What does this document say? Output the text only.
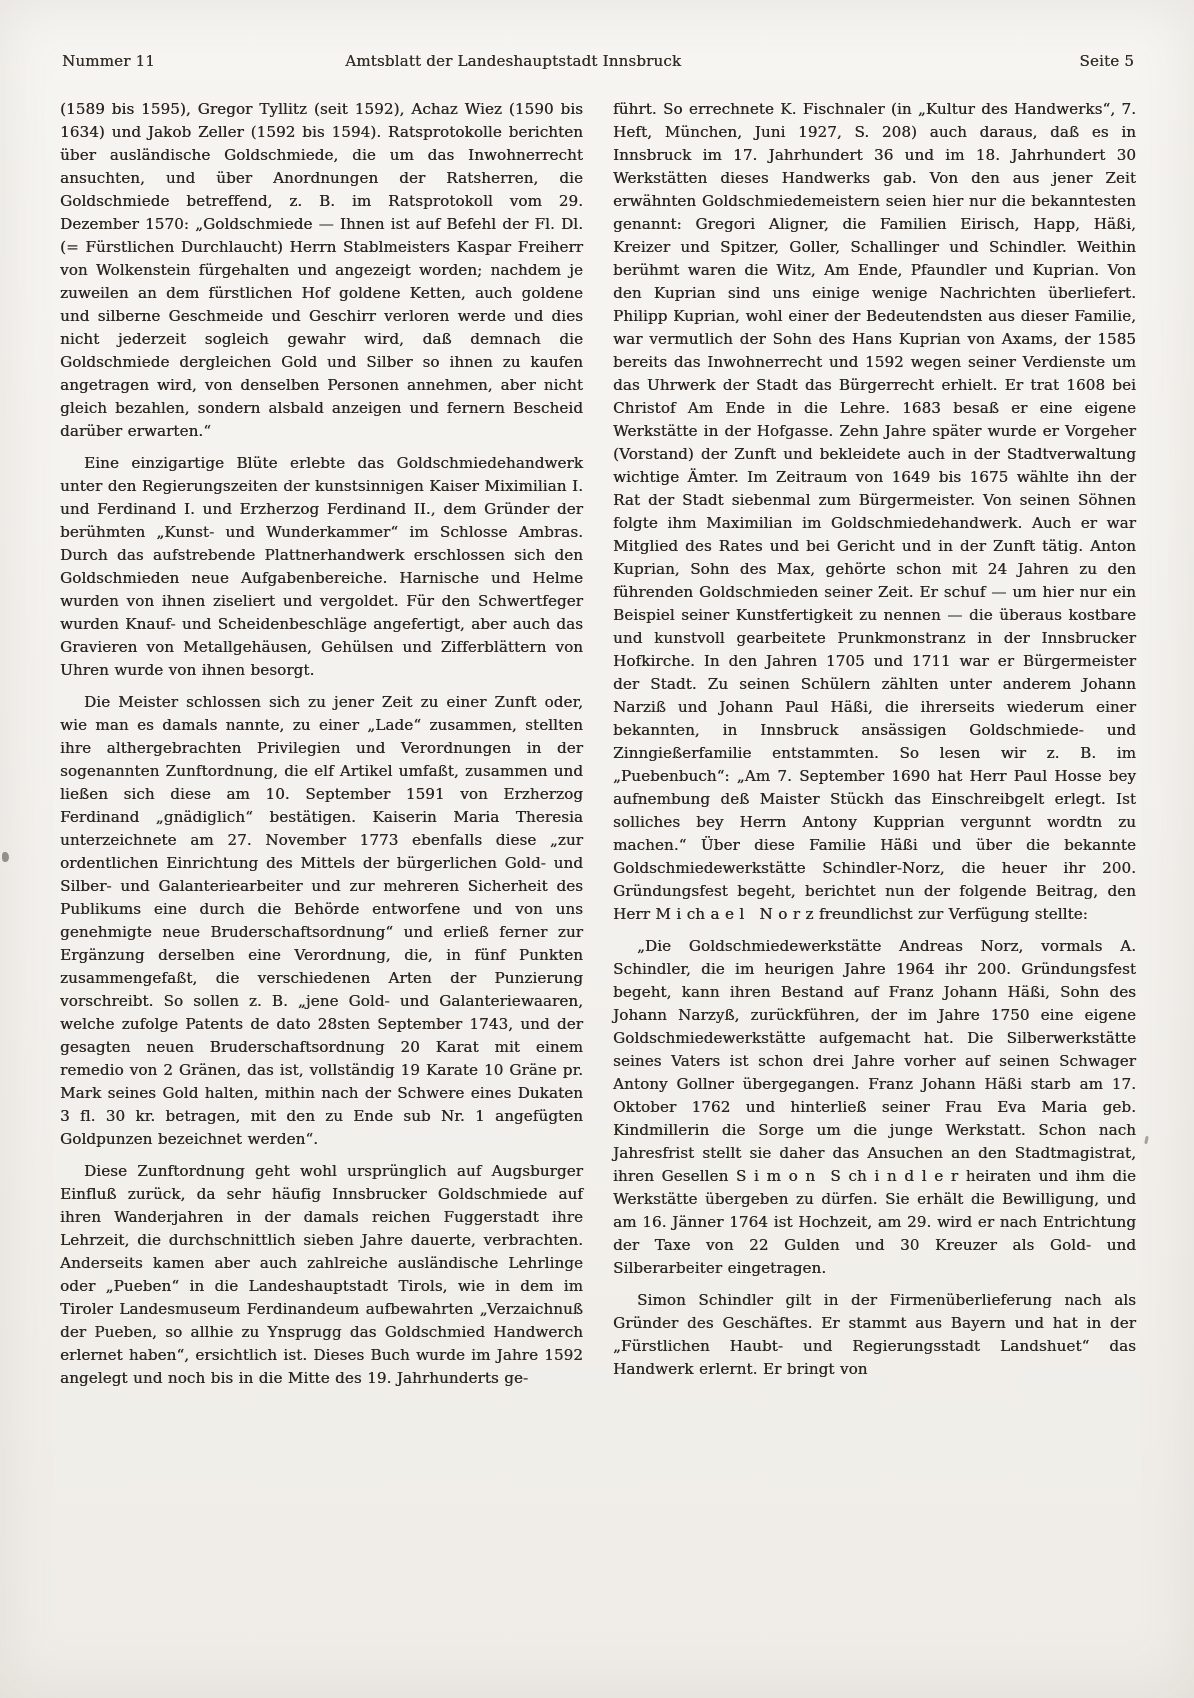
Nummer 11	Amtsblatt der Landeshauptstadt Innsbruck	Seite 5

(1589 bis 1595), Gregor Tyllitz (seit 1592), Achaz Wiez (1590 bis 1634) und Jakob Zeller (1592 bis 1594). Ratsprotokolle berichten über ausländische Goldschmiede, die um das Inwohnerrecht ansuchten, und über Anordnungen der Ratsherren, die Goldschmiede betreffend, z. B. im Ratsprotokoll vom 29. Dezember 1570: „Goldschmiede — Ihnen ist auf Befehl der Fl. Dl. (= Fürstlichen Durchlaucht) Herrn Stablmeisters Kaspar Freiherr von Wolkenstein fürgehalten und angezeigt worden; nachdem je zuweilen an dem fürstlichen Hof goldene Ketten, auch goldene und silberne Geschmeide und Geschirr verloren werde und dies nicht jederzeit sogleich gewahr wird, daß demnach die Goldschmiede dergleichen Gold und Silber so ihnen zu kaufen angetragen wird, von denselben Personen annehmen, aber nicht gleich bezahlen, sondern alsbald anzeigen und fernern Bescheid darüber erwarten.“

Eine einzigartige Blüte erlebte das Goldschmiedehandwerk unter den Regierungszeiten der kunstsinnigen Kaiser Miximilian I. und Ferdinand I. und Erzherzog Ferdinand II., dem Gründer der berühmten „Kunst- und Wunderkammer“ im Schlosse Ambras. Durch das aufstrebende Plattnerhandwerk erschlossen sich den Goldschmieden neue Aufgabenbereiche. Harnische und Helme wurden von ihnen ziseliert und vergoldet. Für den Schwertfeger wurden Knauf- und Scheidenbeschläge angefertigt, aber auch das Gravieren von Metallgehäusen, Gehülsen und Zifferblättern von Uhren wurde von ihnen besorgt.

Die Meister schlossen sich zu jener Zeit zu einer Zunft oder, wie man es damals nannte, zu einer „Lade“ zusammen, stellten ihre althergebrachten Privilegien und Verordnungen in der sogenannten Zunftordnung, die elf Artikel umfaßt, zusammen und ließen sich diese am 10. September 1591 von Erzherzog Ferdinand „gnädiglich“ bestätigen. Kaiserin Maria Theresia unterzeichnete am 27. November 1773 ebenfalls diese „zur ordentlichen Einrichtung des Mittels der bürgerlichen Gold- und Silber- und Galanteriearbeiter und zur mehreren Sicherheit des Publikums eine durch die Behörde entworfene und von uns genehmigte neue Bruderschaftsordnung“ und erließ ferner zur Ergänzung derselben eine Verordnung, die, in fünf Punkten zusammengefaßt, die verschiedenen Arten der Punzierung vorschreibt. So sollen z. B. „jene Gold- und Galanteriewaaren, welche zufolge Patents de dato 28sten September 1743, und der gesagten neuen Bruderschaftsordnung 20 Karat mit einem remedio von 2 Gränen, das ist, vollständig 19 Karate 10 Gräne pr. Mark seines Gold halten, mithin nach der Schwere eines Dukaten 3 fl. 30 kr. betragen, mit den zu Ende sub Nr. 1 angefügten Goldpunzen bezeichnet werden“.

Diese Zunftordnung geht wohl ursprünglich auf Augsburger Einfluß zurück, da sehr häufig Innsbrucker Goldschmiede auf ihren Wanderjahren in der damals reichen Fuggerstadt ihre Lehrzeit, die durchschnittlich sieben Jahre dauerte, verbrachten. Anderseits kamen aber auch zahlreiche ausländische Lehrlinge oder „Pueben“ in die Landeshauptstadt Tirols, wie in dem im Tiroler Landesmuseum Ferdinandeum aufbewahrten „Verzaichnuß der Pueben, so allhie zu Ynsprugg das Goldschmied Handwerch erlernet haben“, ersichtlich ist. Dieses Buch wurde im Jahre 1592 angelegt und noch bis in die Mitte des 19. Jahrhunderts ge-

führt. So errechnete K. Fischnaler (in „Kultur des Handwerks“, 7. Heft, München, Juni 1927, S. 208) auch daraus, daß es in Innsbruck im 17. Jahrhundert 36 und im 18. Jahrhundert 30 Werkstätten dieses Handwerks gab. Von den aus jener Zeit erwähnten Goldschmiedemeistern seien hier nur die bekanntesten genannt: Gregori Aligner, die Familien Eirisch, Happ, Häßi, Kreizer und Spitzer, Goller, Schallinger und Schindler. Weithin berühmt waren die Witz, Am Ende, Pfaundler und Kuprian. Von den Kuprian sind uns einige wenige Nachrichten überliefert. Philipp Kuprian, wohl einer der Bedeutendsten aus dieser Familie, war vermutlich der Sohn des Hans Kuprian von Axams, der 1585 bereits das Inwohnerrecht und 1592 wegen seiner Verdienste um das Uhrwerk der Stadt das Bürgerrecht erhielt. Er trat 1608 bei Christof Am Ende in die Lehre. 1683 besaß er eine eigene Werkstätte in der Hofgasse. Zehn Jahre später wurde er Vorgeher (Vorstand) der Zunft und bekleidete auch in der Stadtverwaltung wichtige Ämter. Im Zeitraum von 1649 bis 1675 wählte ihn der Rat der Stadt siebenmal zum Bürgermeister. Von seinen Söhnen folgte ihm Maximilian im Goldschmiedehandwerk. Auch er war Mitglied des Rates und bei Gericht und in der Zunft tätig. Anton Kuprian, Sohn des Max, gehörte schon mit 24 Jahren zu den führenden Goldschmieden seiner Zeit. Er schuf — um hier nur ein Beispiel seiner Kunstfertigkeit zu nennen — die überaus kostbare und kunstvoll gearbeitete Prunkmonstranz in der Innsbrucker Hofkirche. In den Jahren 1705 und 1711 war er Bürgermeister der Stadt. Zu seinen Schülern zählten unter anderem Johann Narziß und Johann Paul Häßi, die ihrerseits wiederum einer bekannten, in Innsbruck ansässigen Goldschmiede- und Zinngießerfamilie entstammten. So lesen wir z. B. im „Puebenbuch“: „Am 7. September 1690 hat Herr Paul Hosse bey aufnembung deß Maister Stückh das Einschreibgelt erlegt. Ist solliches bey Herrn Antony Kupprian vergunnt wordtn zu machen.“ Über diese Familie Häßi und über die bekannte Goldschmiedewerkstätte Schindler-Norz, die heuer ihr 200. Gründungsfest begeht, berichtet nun der folgende Beitrag, den Herr M i ch a e l N o r z freundlichst zur Verfügung stellte:

„Die Goldschmiedewerkstätte Andreas Norz, vormals A. Schindler, die im heurigen Jahre 1964 ihr 200. Gründungsfest begeht, kann ihren Bestand auf Franz Johann Häßi, Sohn des Johann Narzyß, zurückführen, der im Jahre 1750 eine eigene Goldschmiedewerkstätte aufgemacht hat. Die Silberwerkstätte seines Vaters ist schon drei Jahre vorher auf seinen Schwager Antony Gollner übergegangen. Franz Johann Häßi starb am 17. Oktober 1762 und hinterließ seiner Frau Eva Maria geb. Kindmillerin die Sorge um die junge Werkstatt. Schon nach Jahresfrist stellt sie daher das Ansuchen an den Stadtmagistrat, ihren Gesellen S i m o n S ch i n d l e r heiraten und ihm die Werkstätte übergeben zu dürfen. Sie erhält die Bewilligung, und am 16. Jänner 1764 ist Hochzeit, am 29. wird er nach Entrichtung der Taxe von 22 Gulden und 30 Kreuzer als Gold- und Silberarbeiter eingetragen.

Simon Schindler gilt in der Firmenüberlieferung nach als Gründer des Geschäftes. Er stammt aus Bayern und hat in der „Fürstlichen Haubt- und Regierungsstadt Landshuet“ das Handwerk erlernt. Er bringt von
